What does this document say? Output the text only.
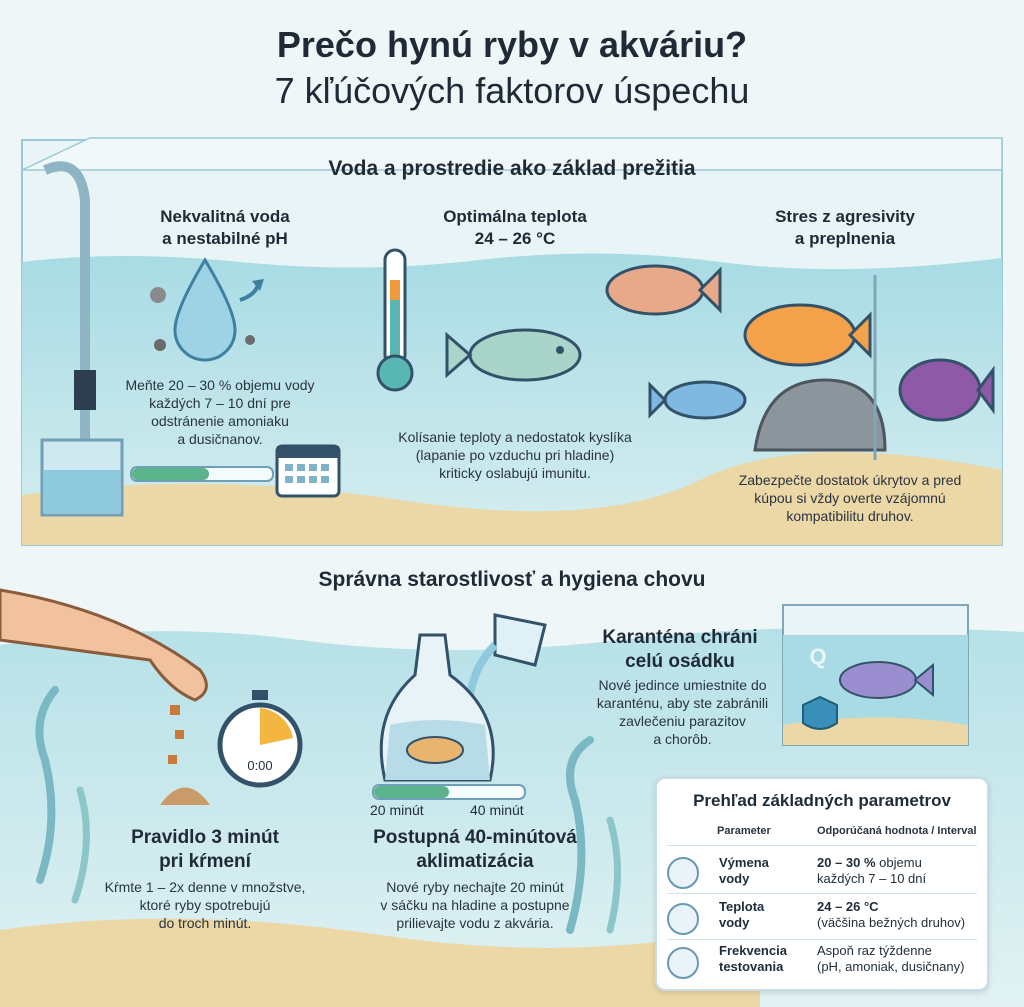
Prečo hynú ryby v akváriu?
7 kľúčových faktorov úspechu
Voda a prostredie ako základ prežitia
Nekvalitná voda
a nestabilné pH
Meňte 20 – 30 % objemu vody
každých 7 – 10 dní pre
odstránenie amoniaku
a dusičnanov.
Optimálna teplota
24 – 26 °C
Kolísanie teploty a nedostatok kyslíka
(lapanie po vzduchu pri hladine)
kriticky oslabujú imunitu.
Stres z agresivity
a preplnenia
Zabezpečte dostatok úkrytov a pred
kúpou si vždy overte vzájomnú
kompatibilitu druhov.
Správna starostlivosť a hygiena chovu
0:00
Pravidlo 3 minút
pri kŕmení
Kŕmte 1 – 2x denne v množstve,
ktoré ryby spotrebujú
do troch minút.
20 minút	40 minút
Postupná 40-minútová
aklimatizácia
Nové ryby nechajte 20 minút
v sáčku na hladine a postupne
prilievajte vodu z akvária.
Karanténa chráni
celú osádku
Nové jedince umiestnite do
karanténu, aby ste zabránili
zavlečeniu parazitov
a chorôb.
Q
Prehľad základných parametrov
Parameter	Odporúčaná hodnota / Interval
Výmena
vody
20 – 30 % objemu
každých 7 – 10 dní
Teplota
vody
24 – 26 °C
(väčšina bežných druhov)
Frekvencia
testovania
Aspoň raz týždenne
(pH, amoniak, dusičnany)
